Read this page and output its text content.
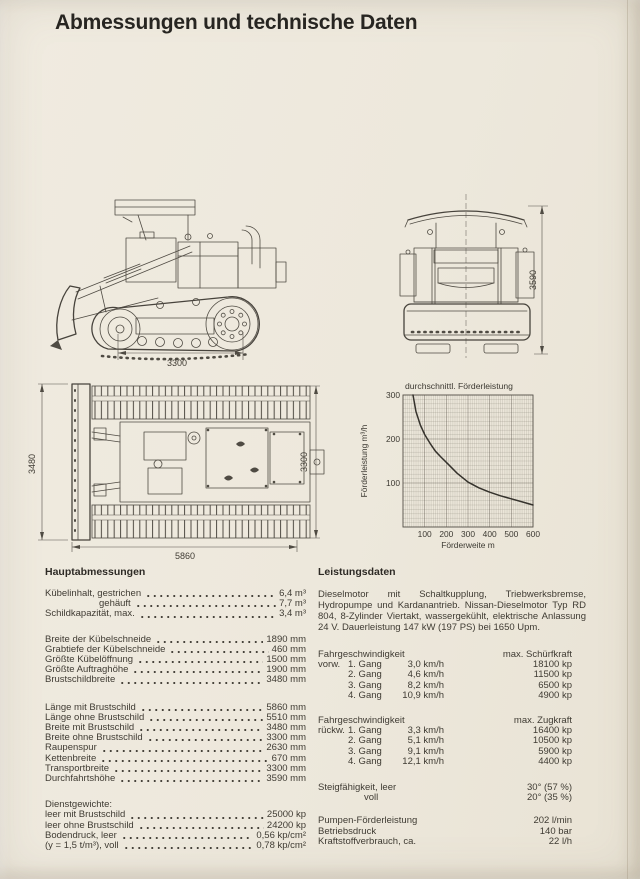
Abmessungen und technische Daten
3300
3590
3480	3300
5860
durchschnittl. Förderleistung
Förderweite m
Förderleistung m³/h
100 200 300 400 500 600
100
200
300
Hauptabmessungen
Kübelinhalt, gestrichen	6,4 m³
gehäuft	7,7 m³
Schildkapazität, max.	3,4 m³
Breite der Kübelschneide	1890 mm
Grabtiefe der Kübelschneide	460 mm
Größte Kübelöffnung	1500 mm
Größte Auftraghöhe	1900 mm
Brustschildbreite	3480 mm
Länge mit Brustschild	5860 mm
Länge ohne Brustschild	5510 mm
Breite mit Brustschild	3480 mm
Breite ohne Brustschild	3300 mm
Raupenspur	2630 mm
Kettenbreite	670 mm
Transportbreite	3300 mm
Durchfahrtshöhe	3590 mm
Dienstgewichte:
leer mit Brustschild	25000 kp
leer ohne Brustschild	24200 kp
Bodendruck, leer	0,56 kp/cm²
(y = 1,5 t/m³), voll	0,78 kp/cm²
Leistungsdaten

Dieselmotor mit Schaltkupplung, Triebwerksbremse, Hydropumpe und Kardanantrieb. Nissan-Dieselmotor Typ RD 804, 8-Zylinder Viertakt, wassergekühlt, elektrische Anlassung 24 V. Dauerleistung 147 kW (197 PS) bei 1650 Upm.

Fahrgeschwindigkeit	max. Schürfkraft
vorw. 1. Gang	3,0 km/h	18100 kp
2. Gang	4,6 km/h	11500 kp
3. Gang	8,2 km/h	6500 kp
4. Gang	10,9 km/h	4900 kp
Fahrgeschwindigkeit	max. Zugkraft
rückw. 1. Gang	3,3 km/h	16400 kp
2. Gang	5,1 km/h	10500 kp
3. Gang	9,1 km/h	5900 kp
4. Gang	12,1 km/h	4400 kp
Steigfähigkeit, leer	30° (57 %)
voll	20° (35 %)
Pumpen-Förderleistung	202 l/min
Betriebsdruck	140 bar
Kraftstoffverbrauch, ca.	22 l/h
